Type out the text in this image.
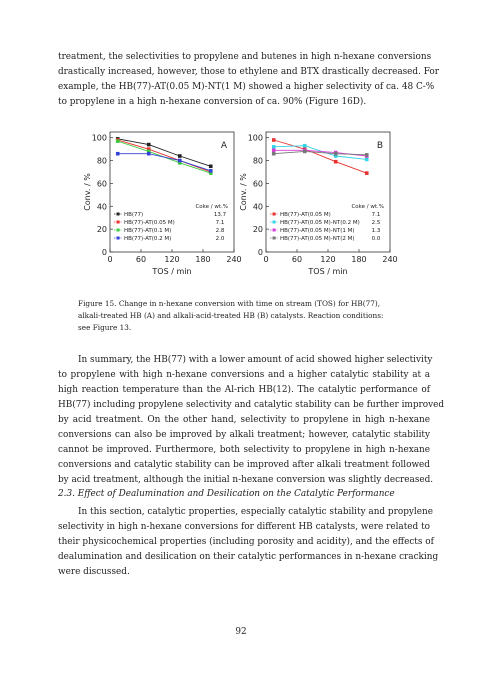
treatment, the selectivities to propylene and butenes in high n-hexane conversions
drastically increased, however, those to ethylene and BTX drastically decreased. For
example, the HB(77)-AT(0.05 M)-NT(1 M) showed a higher selectivity of ca. 48 C-%
to propylene in a high n-hexane conversion of ca. 90% (Figure 16D).
0
20
40
60
80
100
0	60 120 180 240
TOS / min
Conv. / %
A
Coke / wt.%
HB(77)	13.7
HB(77)-AT(0.05 M)	7.1
HB(77)-AT(0.1 M)	2.8
HB(77)-AT(0.2 M)	2.0
0
20
40
60
80
100
0	60 120 180 240
TOS / min
Conv. / %
B
Coke / wt.%
HB(77)-AT(0.05 M)	7.1
HB(77)-AT(0.05 M)-NT(0.2 M) 2.5
HB(77)-AT(0.05 M)-NT(1 M)	1.3
HB(77)-AT(0.05 M)-NT(2 M)	0.0
Figure 15. Change in n-hexane conversion with time on stream (TOS) for HB(77),
alkali-treated HB (A) and alkali-acid-treated HB (B) catalysts. Reaction conditions:
see Figure 13.
In summary, the HB(77) with a lower amount of acid showed higher selectivity
to propylene with high n-hexane conversions and a higher catalytic stability at a
high reaction temperature than the Al-rich HB(12). The catalytic performance of
HB(77) including propylene selectivity and catalytic stability can be further improved
by acid treatment. On the other hand, selectivity to propylene in high n-hexane
conversions can also be improved by alkali treatment; however, catalytic stability
cannot be improved. Furthermore, both selectivity to propylene in high n-hexane
conversions and catalytic stability can be improved after alkali treatment followed
by acid treatment, although the initial n-hexane conversion was slightly decreased.
2.3. Effect of Dealumination and Desilication on the Catalytic Performance
In this section, catalytic properties, especially catalytic stability and propylene
selectivity in high n-hexane conversions for different HB catalysts, were related to
their physicochemical properties (including porosity and acidity), and the effects of
dealumination and desilication on their catalytic performances in n-hexane cracking
were discussed.
92
